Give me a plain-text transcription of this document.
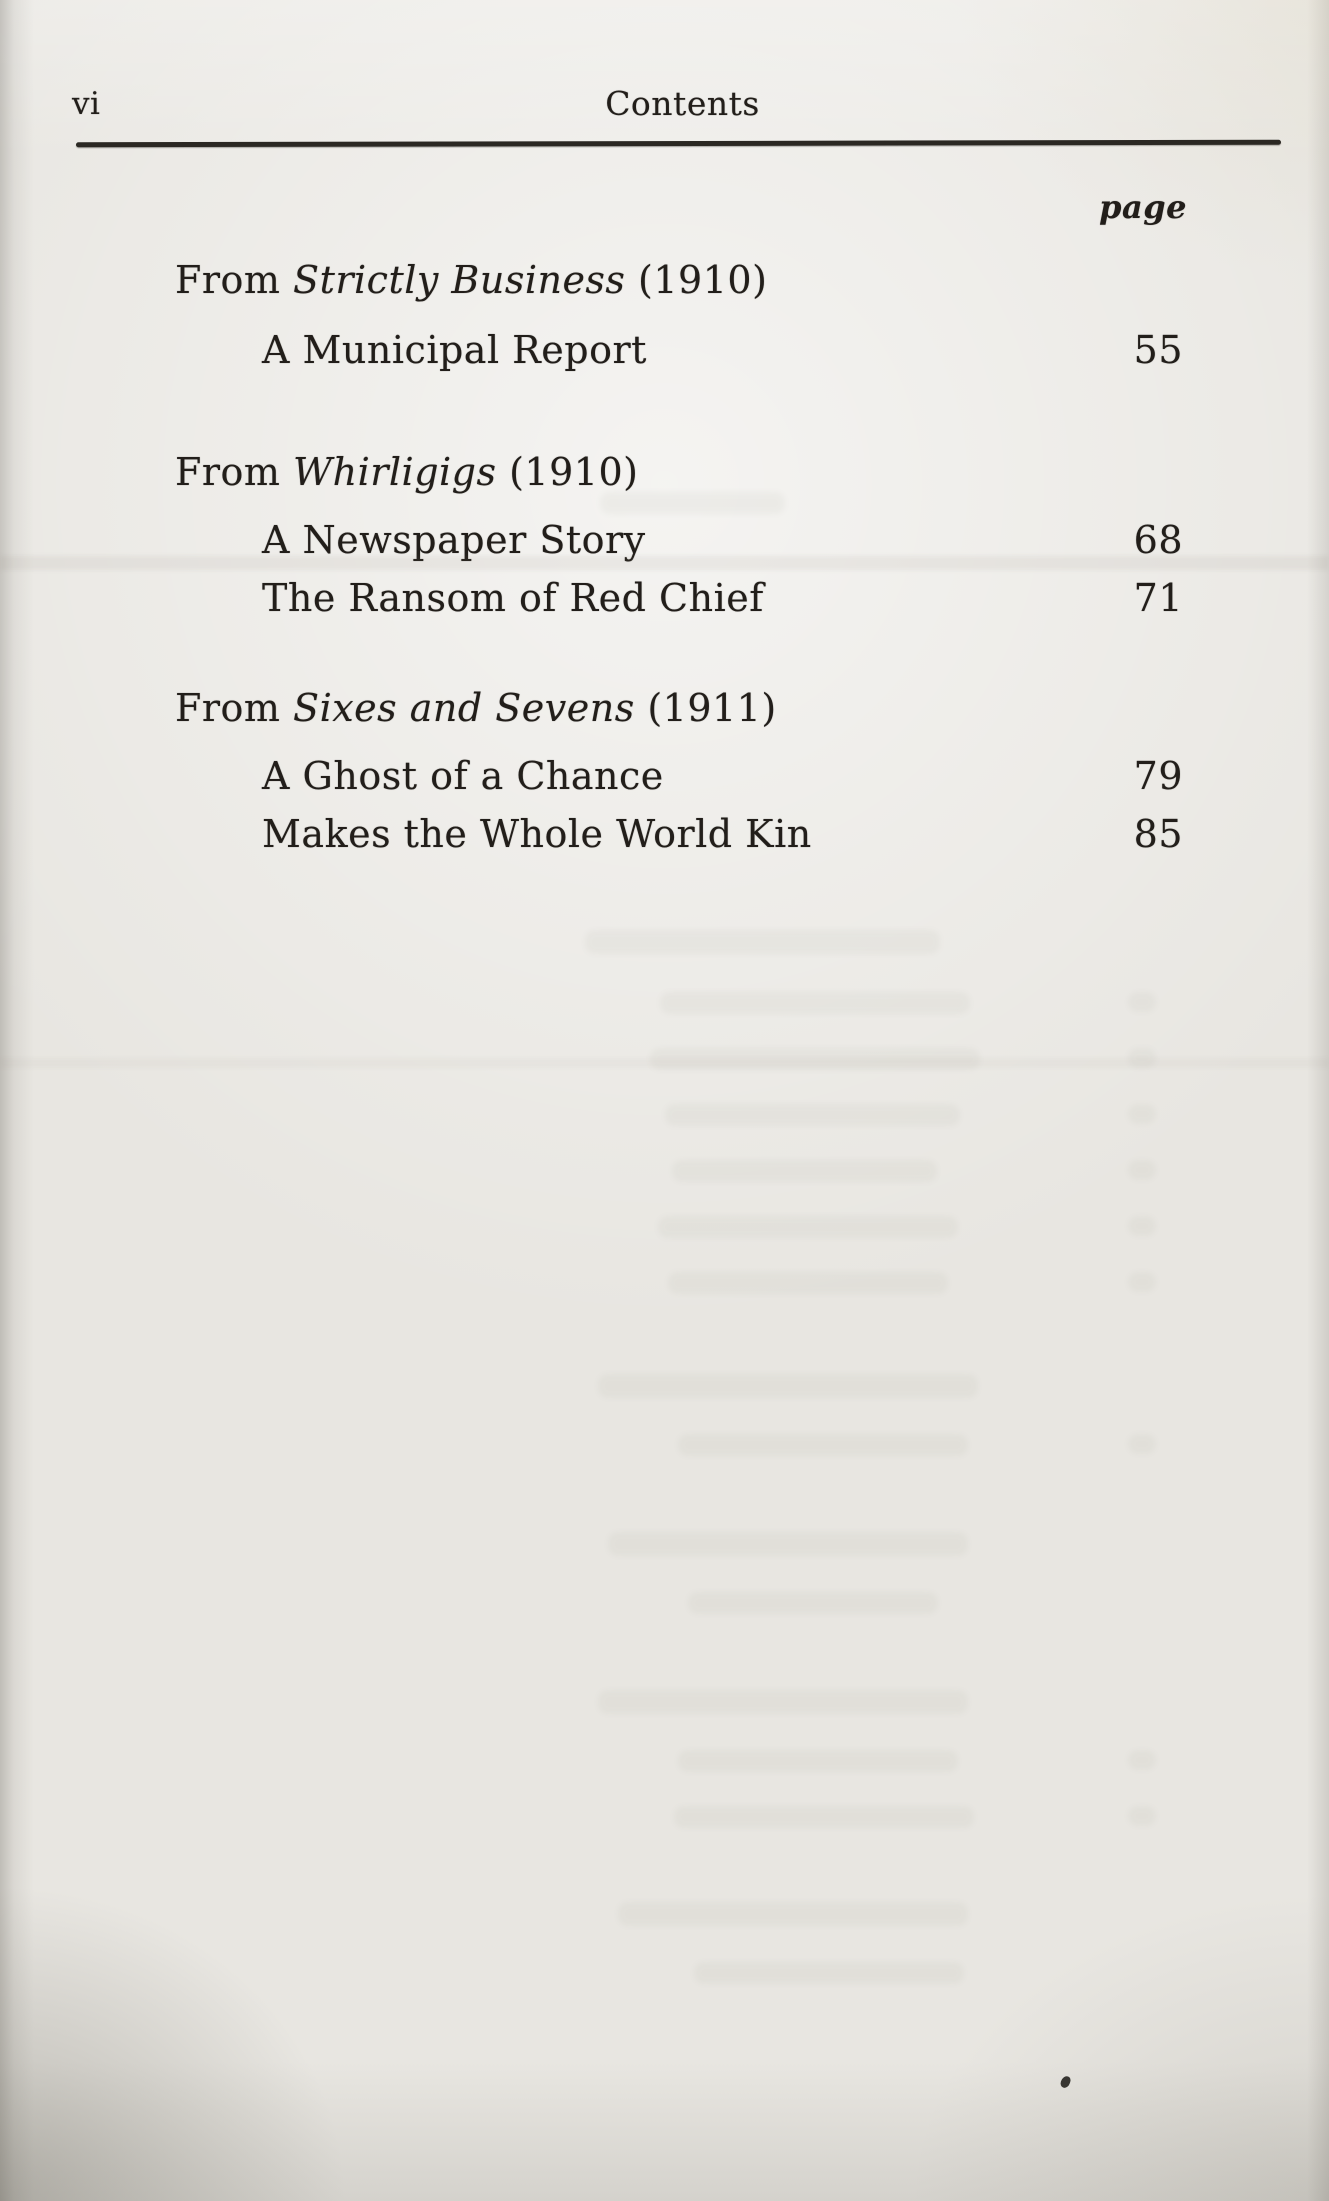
vi	Contents
page
From Strictly Business (1910)
A Municipal Report	55
From Whirligigs (1910)
A Newspaper Story	68
The Ransom of Red Chief	71
From Sixes and Sevens (1911)
A Ghost of a Chance	79
Makes the Whole World Kin	85
